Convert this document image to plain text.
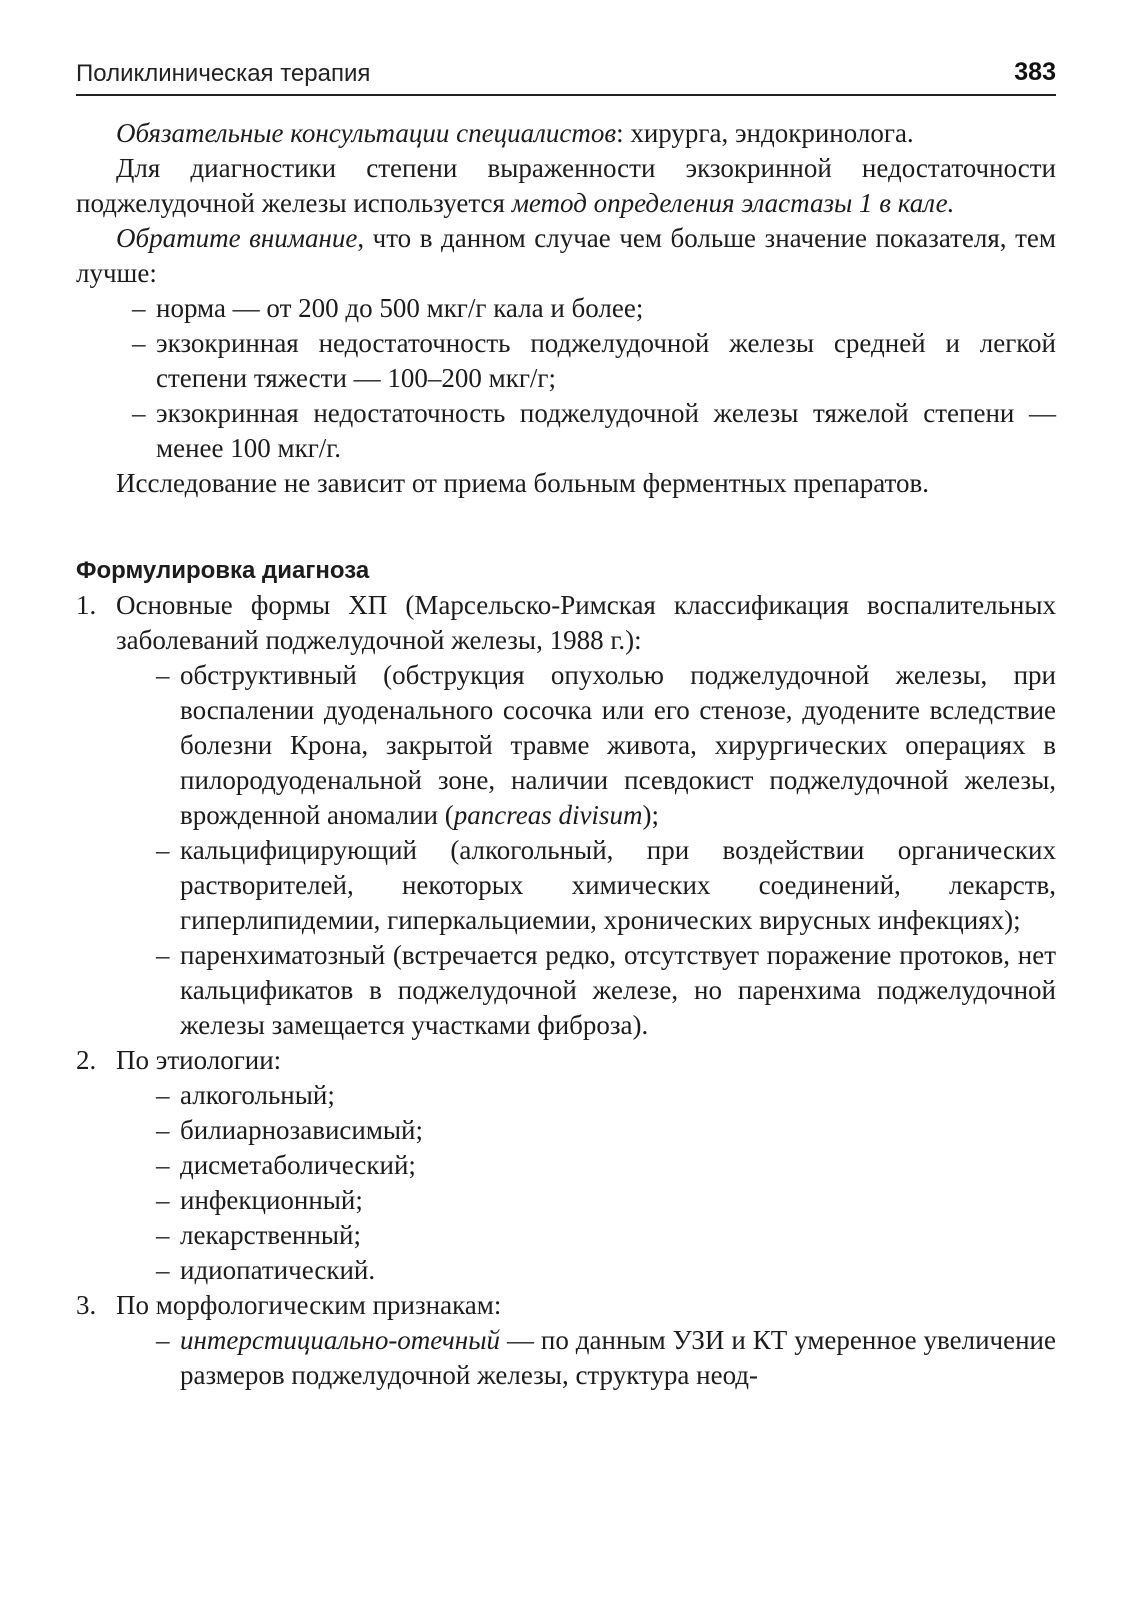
Поликлиническая терапия	383

Обязательные консультации специалистов: хирурга, эндокринолога.

Для диагностики степени выраженности экзокринной недостаточности поджелудочной железы используется метод определения эластазы 1 в кале.

Обратите внимание, что в данном случае чем больше значение показателя, тем лучше:

– норма — от 200 до 500 мкг/г кала и более;
– экзокринная недостаточность поджелудочной железы средней и легкой степени тяжести — 100–200 мкг/г;
– экзокринная недостаточность поджелудочной железы тяжелой степени — менее 100 мкг/г.

Исследование не зависит от приема больным ферментных препаратов.

Формулировка диагноза
1. Основные формы ХП (Марсельско-Римская классификация воспалительных заболеваний поджелудочной железы, 1988 г.):
– обструктивный (обструкция опухолью поджелудочной железы, при воспалении дуоденального сосочка или его стенозе, дуодените вследствие болезни Крона, закрытой травме живота, хирургических операциях в пилородуоденальной зоне, наличии псевдокист поджелудочной железы, врожденной аномалии (pancreas divisum);
– кальцифицирующий (алкогольный, при воздействии органических растворителей, некоторых химических соединений, лекарств, гиперлипидемии, гиперкальциемии, хронических вирусных инфекциях);
– паренхиматозный (встречается редко, отсутствует поражение протоков, нет кальцификатов в поджелудочной железе, но паренхима поджелудочной железы замещается участками фиброза).
2. По этиологии:
– алкогольный;
– билиарнозависимый;
– дисметаболический;
– инфекционный;
– лекарственный;
– идиопатический.
3. По морфологическим признакам:
– интерстициально-отечный — по данным УЗИ и КТ умеренное увеличение размеров поджелудочной железы, структура неод-
